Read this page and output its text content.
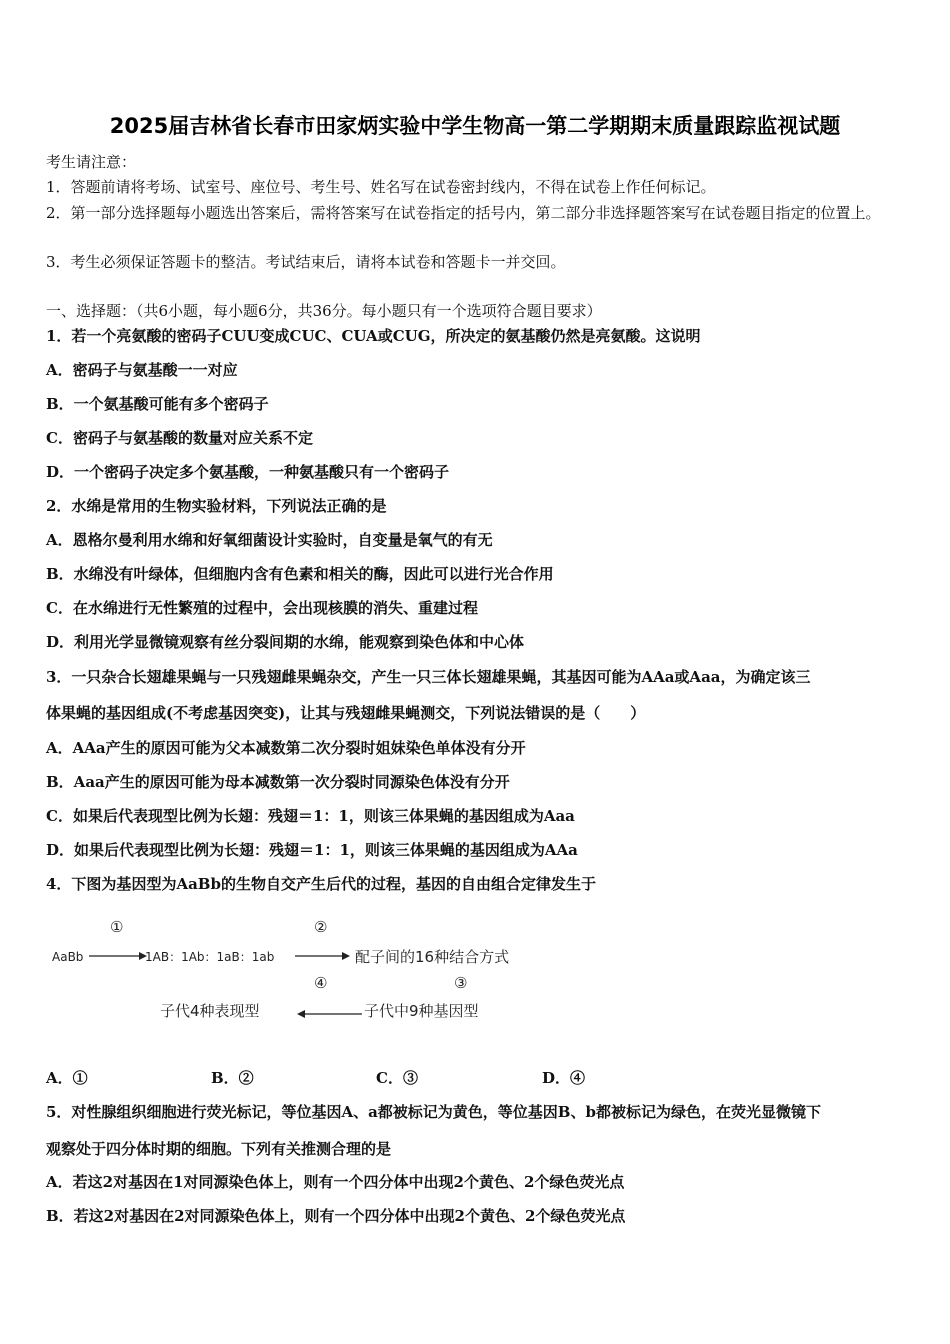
2025届吉林省长春市田家炳实验中学生物高一第二学期期末质量跟踪监视试题
考生请注意：
1．答题前请将考场、试室号、座位号、考生号、姓名写在试卷密封线内，不得在试卷上作任何标记。
2．第一部分选择题每小题选出答案后，需将答案写在试卷指定的括号内，第二部分非选择题答案写在试卷题目指定的位置上。
3．考生必须保证答题卡的整洁。考试结束后，请将本试卷和答题卡一并交回。
一、选择题：（共6小题，每小题6分，共36分。每小题只有一个选项符合题目要求）
1．若一个亮氨酸的密码子CUU变成CUC、CUA或CUG，所决定的氨基酸仍然是亮氨酸。这说明
A．密码子与氨基酸一一对应
B．一个氨基酸可能有多个密码子
C．密码子与氨基酸的数量对应关系不定
D．一个密码子决定多个氨基酸，一种氨基酸只有一个密码子
2．水绵是常用的生物实验材料，下列说法正确的是
A．恩格尔曼利用水绵和好氧细菌设计实验时，自变量是氧气的有无
B．水绵没有叶绿体，但细胞内含有色素和相关的酶，因此可以进行光合作用
C．在水绵进行无性繁殖的过程中，会出现核膜的消失、重建过程
D．利用光学显微镜观察有丝分裂间期的水绵，能观察到染色体和中心体
3．一只杂合长翅雄果蝇与一只残翅雌果蝇杂交，产生一只三体长翅雄果蝇，其基因可能为AAa或Aaa，为确定该三
体果蝇的基因组成(不考虑基因突变)，让其与残翅雌果蝇测交，下列说法错误的是（　　）
A．AAa产生的原因可能为父本减数第二次分裂时姐妹染色单体没有分开
B．Aaa产生的原因可能为母本减数第一次分裂时同源染色体没有分开
C．如果后代表现型比例为长翅：残翅＝1：1，则该三体果蝇的基因组成为Aaa
D．如果后代表现型比例为长翅：残翅＝1：1，则该三体果蝇的基因组成为AAa
4．下图为基因型为AaBb的生物自交产生后代的过程，基因的自由组合定律发生于
①	②
AaBb	1AB：1Ab：1aB：1ab	配子间的16种结合方式
④	③
子代4种表现型	子代中9种基因型
A．①	B．②	C．③	D．④
5．对性腺组织细胞进行荧光标记，等位基因A、a都被标记为黄色，等位基因B、b都被标记为绿色，在荧光显微镜下
观察处于四分体时期的细胞。下列有关推测合理的是
A．若这2对基因在1对同源染色体上，则有一个四分体中出现2个黄色、2个绿色荧光点
B．若这2对基因在2对同源染色体上，则有一个四分体中出现2个黄色、2个绿色荧光点
